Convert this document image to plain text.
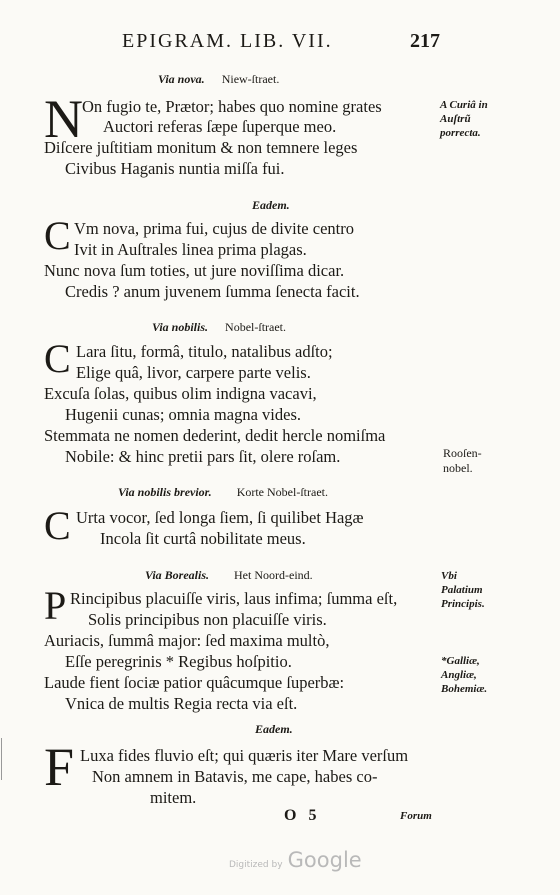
EPIGRAM. LIB. VII.	217
Via nova. Niew-ſtraet.
N On fugio te, Prætor; habes quo nomine grates
Auctori referas ſæpe ſuperque meo.
Diſcere juſtitiam monitum & non temnere leges
Civibus Haganis nuntia miſſa fui.
A Curiâ in Auſtrũ porrecta.
Eadem.
C Vm nova, prima fui, cujus de divite centro
Ivit in Auſtrales linea prima plagas.
Nunc nova ſum toties, ut jure noviſſima dicar.
Credis ? anum juvenem ſumma ſenecta facit.
Via nobilis. Nobel-ſtraet.
C Lara ſitu, formâ, titulo, natalibus adſto;
Elige quâ, livor, carpere parte velis.
Excuſa ſolas, quibus olim indigna vacavi,
Hugenii cunas; omnia magna vides.
Stemmata ne nomen dederint, dedit hercle nomiſma
Nobile: & hinc pretii pars ſit, olere roſam.	Rooſen-nobel.
Via nobilis brevior. Korte Nobel-ſtraet.
C Urta vocor, ſed longa ſiem, ſi quilibet Hagæ
Incola ſit curtâ nobilitate meus.
Via Borealis. Het Noord-eind.
P Rincipibus placuiſſe viris, laus infima; ſumma eſt,
Solis principibus non placuiſſe viris.
Auriacis, ſummâ major: ſed maxima multò,
Eſſe peregrinis * Regibus hoſpitio.
Laude fient ſociæ patior quâcumque ſuperbæ:
Vnica de multis Regia recta via eſt.
Vbi Palatium Principis.
*Galliæ, Angliæ, Bohemiæ.
Eadem.
F Luxa fides fluvio eſt; qui quæris iter Mare verſum
Non amnem in Batavis, me cape, habes co-
mitem.
O 5	Forum
Digitized by Google
